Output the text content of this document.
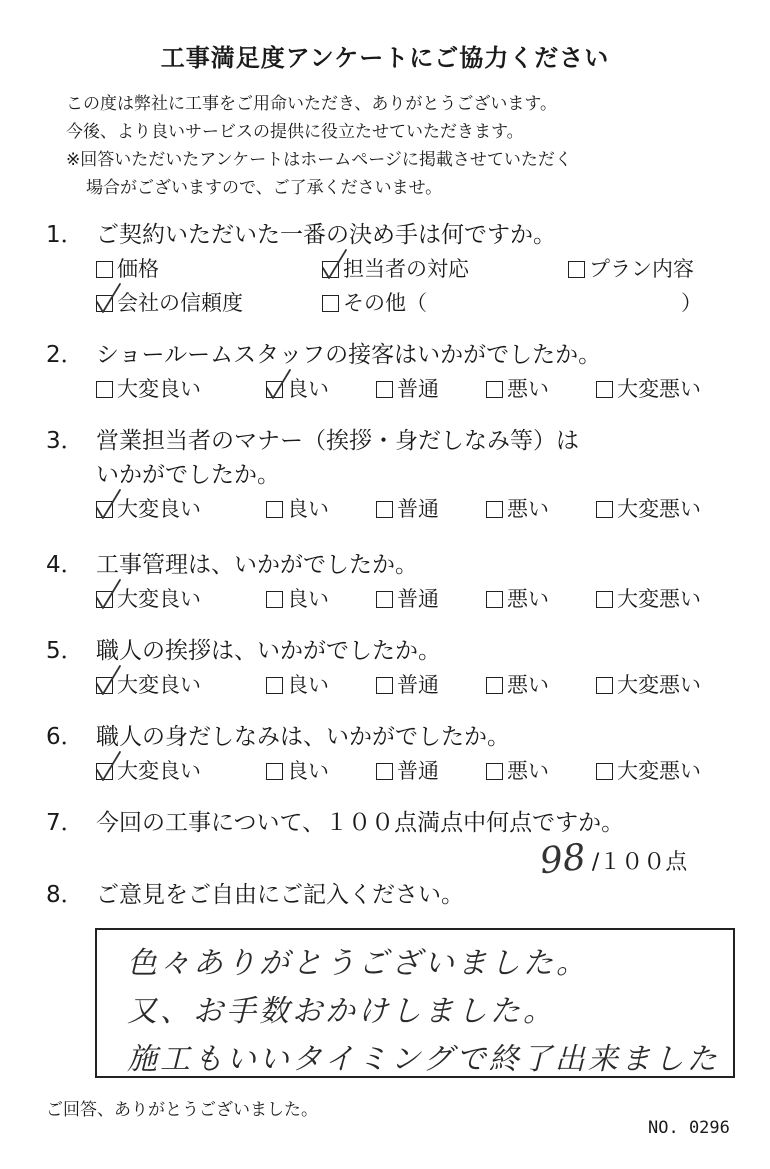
工事満足度アンケートにご協力ください
この度は弊社に工事をご用命いただき、ありがとうございます。
今後、より良いサービスの提供に役立たせていただきます。
※回答いただいたアンケートはホームページに掲載させていただく
場合がございますので、ご了承くださいませ。
1． ご契約いただいた一番の決め手は何ですか。
価格	担当者の対応	プラン内容
会社の信頼度	その他（	）
2． ショールームスタッフの接客はいかがでしたか。
大変良い	良い	普通	悪い	大変悪い
3． 営業担当者のマナー（挨拶・身だしなみ等）は
いかがでしたか。
大変良い	良い	普通	悪い	大変悪い
4． 工事管理は、いかがでしたか。
大変良い	良い	普通	悪い	大変悪い
5． 職人の挨拶は、いかがでしたか。
大変良い	良い	普通	悪い	大変悪い
6． 職人の身だしなみは、いかがでしたか。
大変良い	良い	普通	悪い	大変悪い
7． 今回の工事について、１００点満点中何点ですか。
98 /１００点
8． ご意見をご自由にご記入ください。
色々ありがとうございました。
又、お手数おかけしました。
施工もいいタイミングで終了出来ました
ご回答、ありがとうございました。
NO. 0296
